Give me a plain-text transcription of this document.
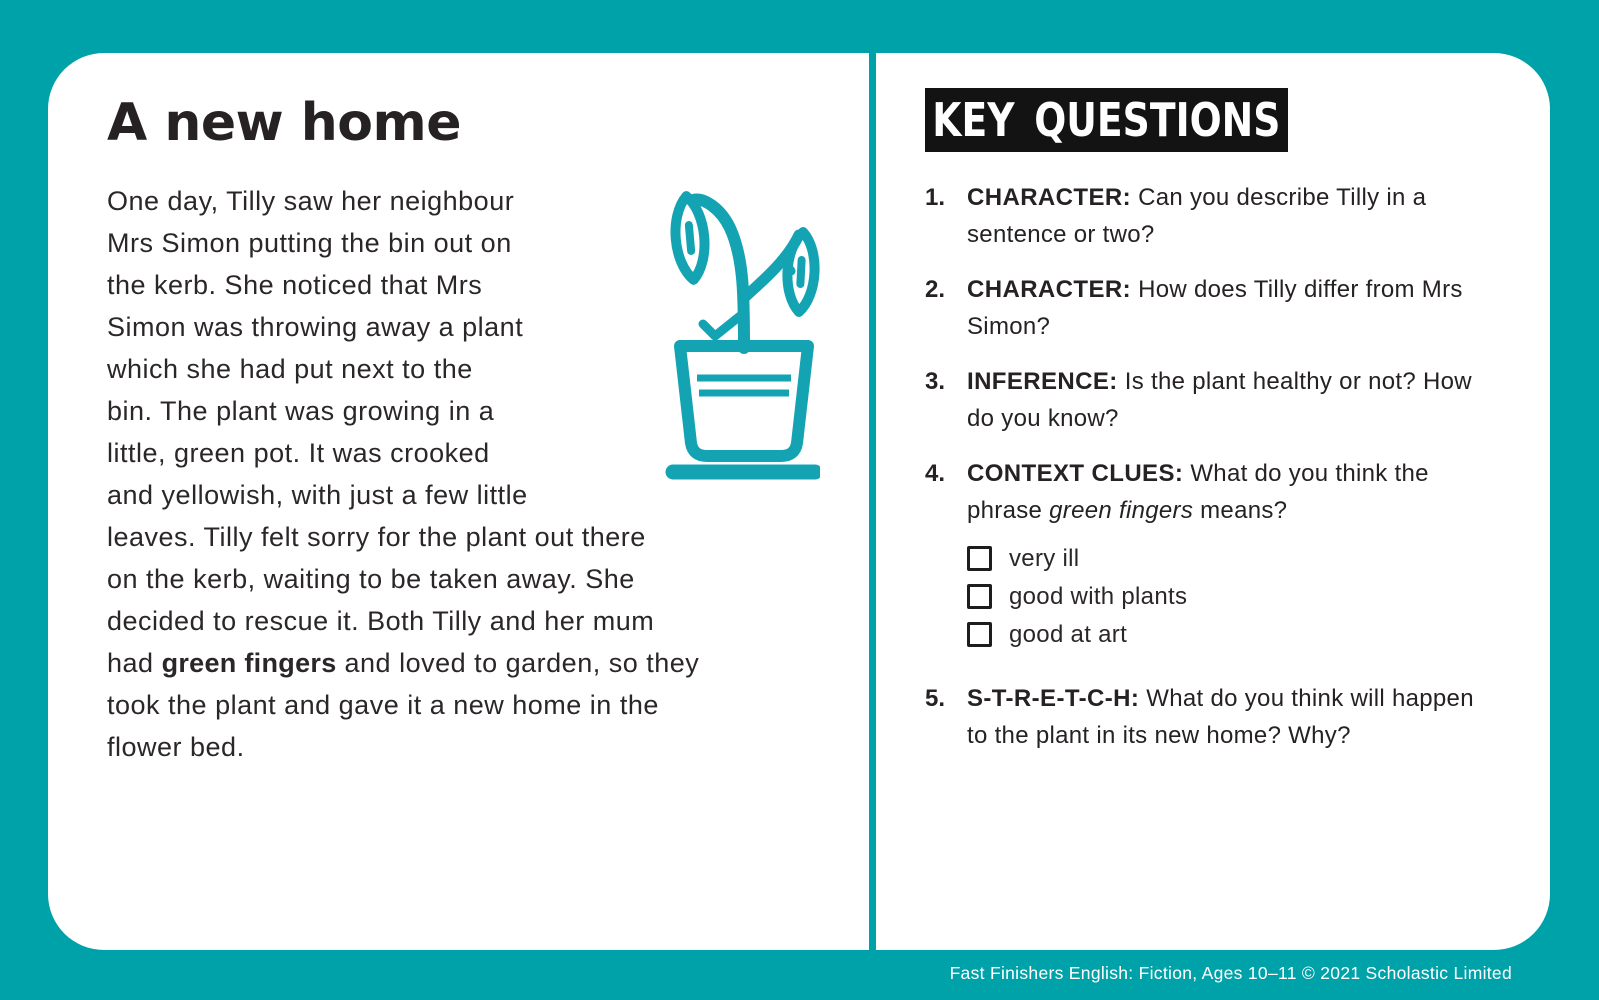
A new home
One day, Tilly saw her neighbour
Mrs Simon putting the bin out on
the kerb. She noticed that Mrs
Simon was throwing away a plant
which she had put next to the
bin. The plant was growing in a
little, green pot. It was crooked
and yellowish, with just a few little
leaves. Tilly felt sorry for the plant out there
on the kerb, waiting to be taken away. She
decided to rescue it. Both Tilly and her mum
had green fingers and loved to garden, so they
took the plant and gave it a new home in the
flower bed.
KEY QUESTIONS
1. CHARACTER: Can you describe Tilly in a sentence or two?
2. CHARACTER: How does Tilly differ from Mrs Simon?
3. INFERENCE: Is the plant healthy or not? How do you know?
4. CONTEXT CLUES: What do you think the phrase green fingers means?
very ill
good with plants
good at art
5. S-T-R-E-T-C-H: What do you think will happen to the plant in its new home? Why?
Fast Finishers English: Fiction, Ages 10–11 © 2021 Scholastic Limited
